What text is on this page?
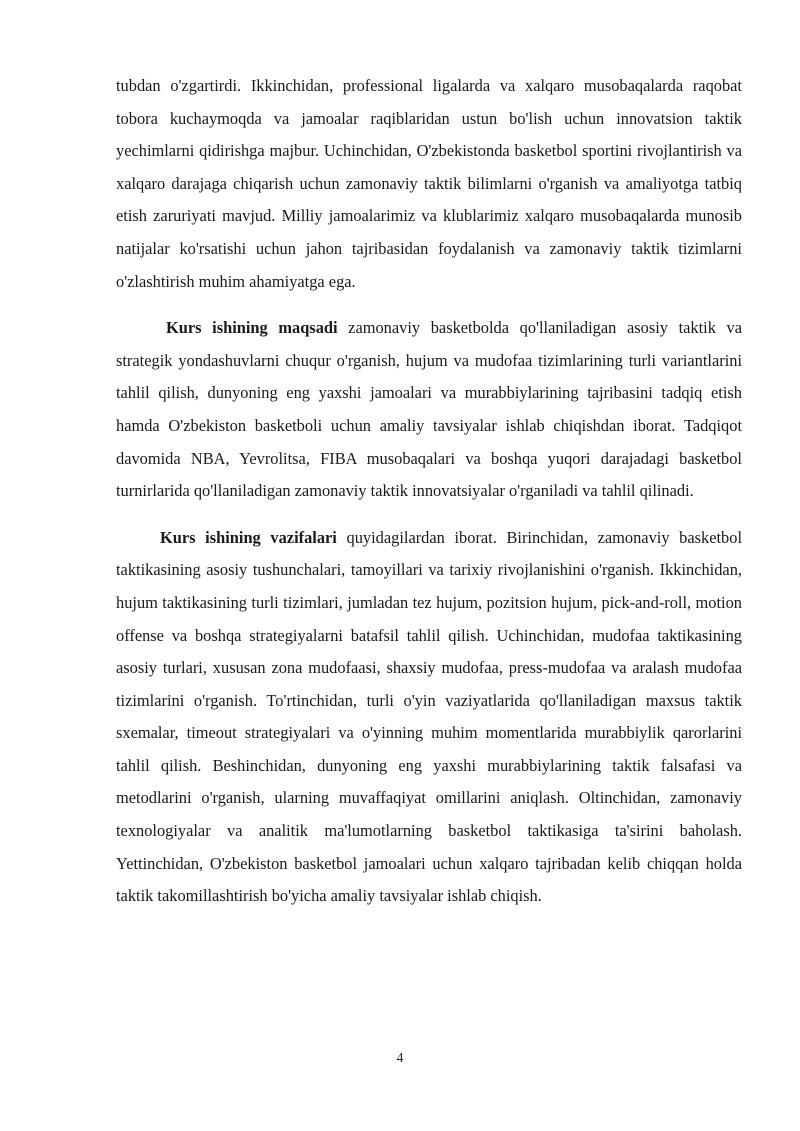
tubdan o'zgartirdi. Ikkinchidan, professional ligalarda va xalqaro musobaqalarda raqobat tobora kuchaymoqda va jamoalar raqiblaridan ustun bo'lish uchun innovatsion taktik yechimlarni qidirishga majbur. Uchinchidan, O'zbekistonda basketbol sportini rivojlantirish va xalqaro darajaga chiqarish uchun zamonaviy taktik bilimlarni o'rganish va amaliyotga tatbiq etish zaruriyati mavjud. Milliy jamoalarimiz va klublarimiz xalqaro musobaqalarda munosib natijalar ko'rsatishi uchun jahon tajribasidan foydalanish va zamonaviy taktik tizimlarni o'zlashtirish muhim ahamiyatga ega.

Kurs ishining maqsadi zamonaviy basketbolda qo'llaniladigan asosiy taktik va strategik yondashuvlarni chuqur o'rganish, hujum va mudofaa tizimlarining turli variantlarini tahlil qilish, dunyoning eng yaxshi jamoalari va murabbiylarining tajribasini tadqiq etish hamda O'zbekiston basketboli uchun amaliy tavsiyalar ishlab chiqishdan iborat. Tadqiqot davomida NBA, Yevrolitsa, FIBA musobaqalari va boshqa yuqori darajadagi basketbol turnirlarida qo'llaniladigan zamonaviy taktik innovatsiyalar o'rganiladi va tahlil qilinadi.

Kurs ishining vazifalari quyidagilardan iborat. Birinchidan, zamonaviy basketbol taktikasining asosiy tushunchalari, tamoyillari va tarixiy rivojlanishini o'rganish. Ikkinchidan, hujum taktikasining turli tizimlari, jumladan tez hujum, pozitsion hujum, pick-and-roll, motion offense va boshqa strategiyalarni batafsil tahlil qilish. Uchinchidan, mudofaa taktikasining asosiy turlari, xususan zona mudofaasi, shaxsiy mudofaa, press-mudofaa va aralash mudofaa tizimlarini o'rganish. To'rtinchidan, turli o'yin vaziyatlarida qo'llaniladigan maxsus taktik sxemalar, timeout strategiyalari va o'yinning muhim momentlarida murabbiylik qarorlarini tahlil qilish. Beshinchidan, dunyoning eng yaxshi murabbiylarining taktik falsafasi va metodlarini o'rganish, ularning muvaffaqiyat omillarini aniqlash. Oltinchidan, zamonaviy texnologiyalar va analitik ma'lumotlarning basketbol taktikasiga ta'sirini baholash. Yettinchidan, O'zbekiston basketbol jamoalari uchun xalqaro tajribadan kelib chiqqan holda taktik takomillashtirish bo'yicha amaliy tavsiyalar ishlab chiqish.

4
